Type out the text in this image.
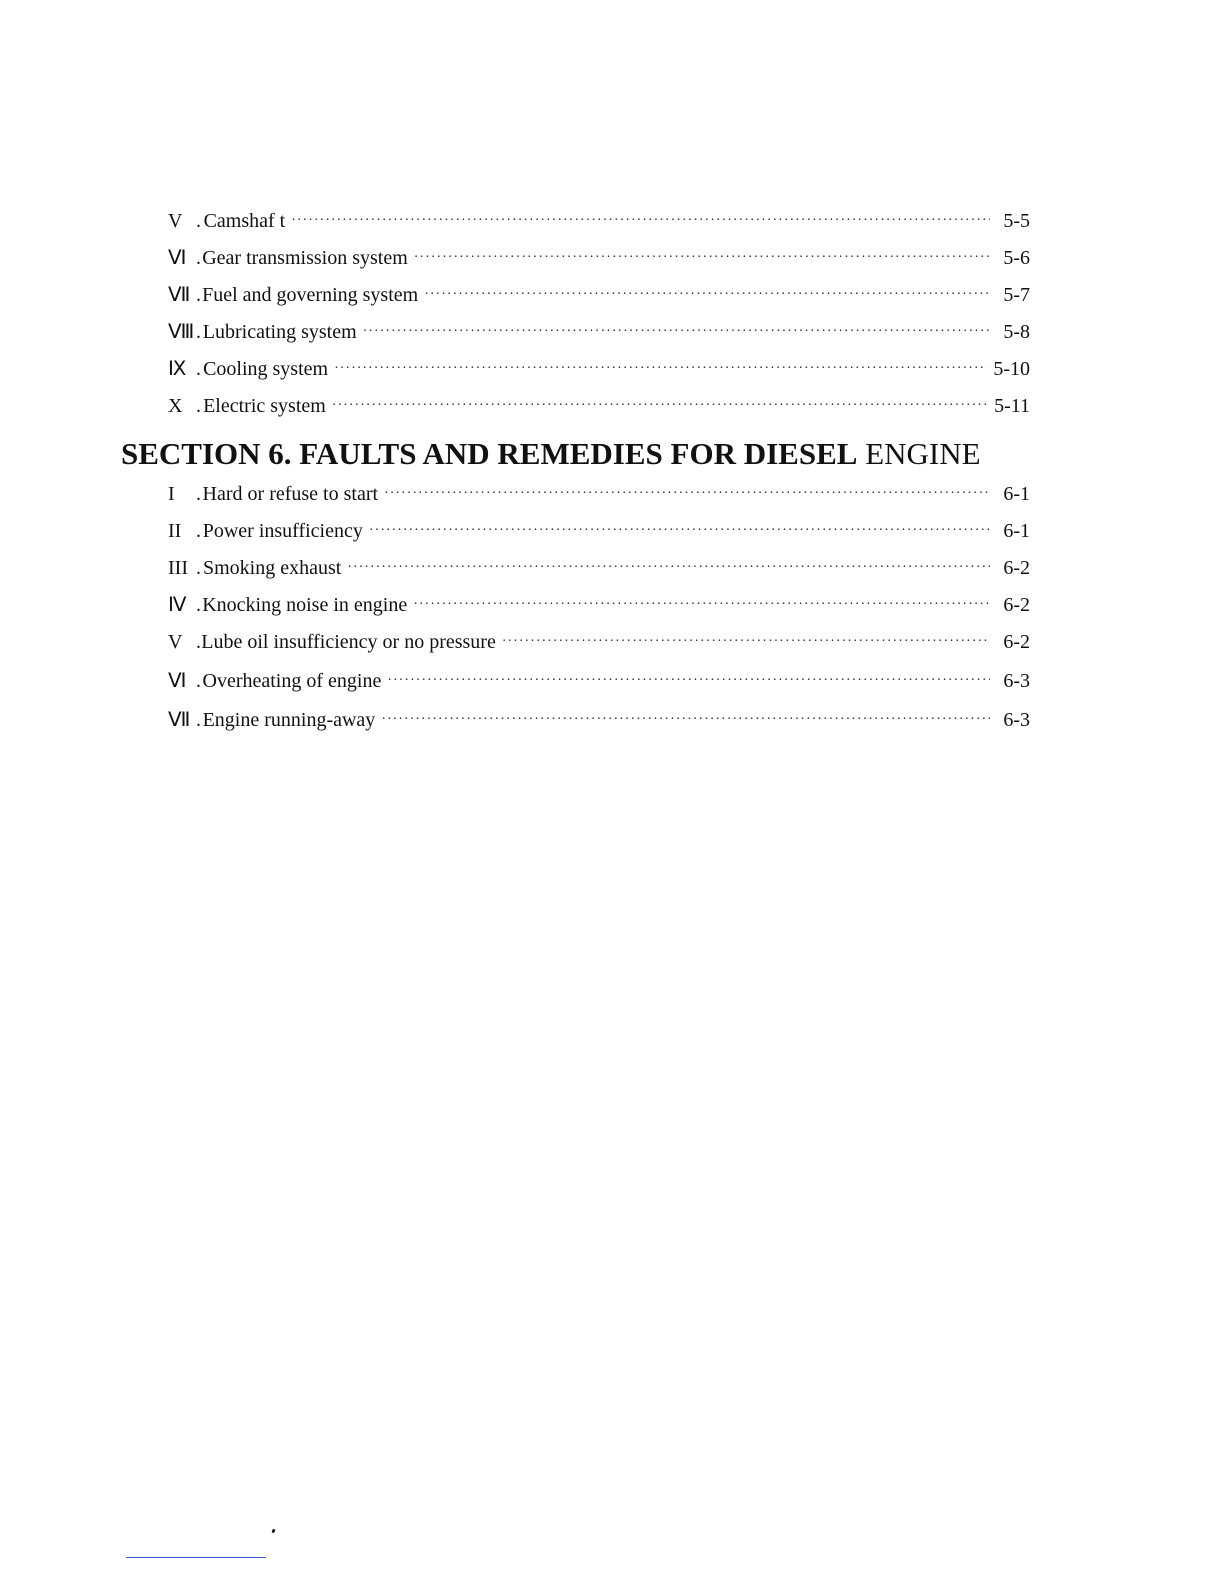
V . Camshaf t ·····	5-5
Ⅵ . Gear transmission system ·····	5-6
Ⅶ . Fuel and governing system ·····	5-7
Ⅷ . Lubricating system ·····	5-8
Ⅸ . Cooling system ·····	5-10
X . Electric system ·····	5-11
SECTION 6. FAULTS AND REMEDIES FOR DIESEL ENGINE
I	. Hard or refuse to start ·····	6-1
II . Power insufficiency ·····	6-1
III . Smoking exhaust ·····	6-2
Ⅳ . Knocking noise in engine ·····	6-2
V . Lube oil insufficiency or no pressure ·····	6-2
Ⅵ . Overheating of engine ·····	6-3
Ⅶ . Engine running-away ·····	6-3
